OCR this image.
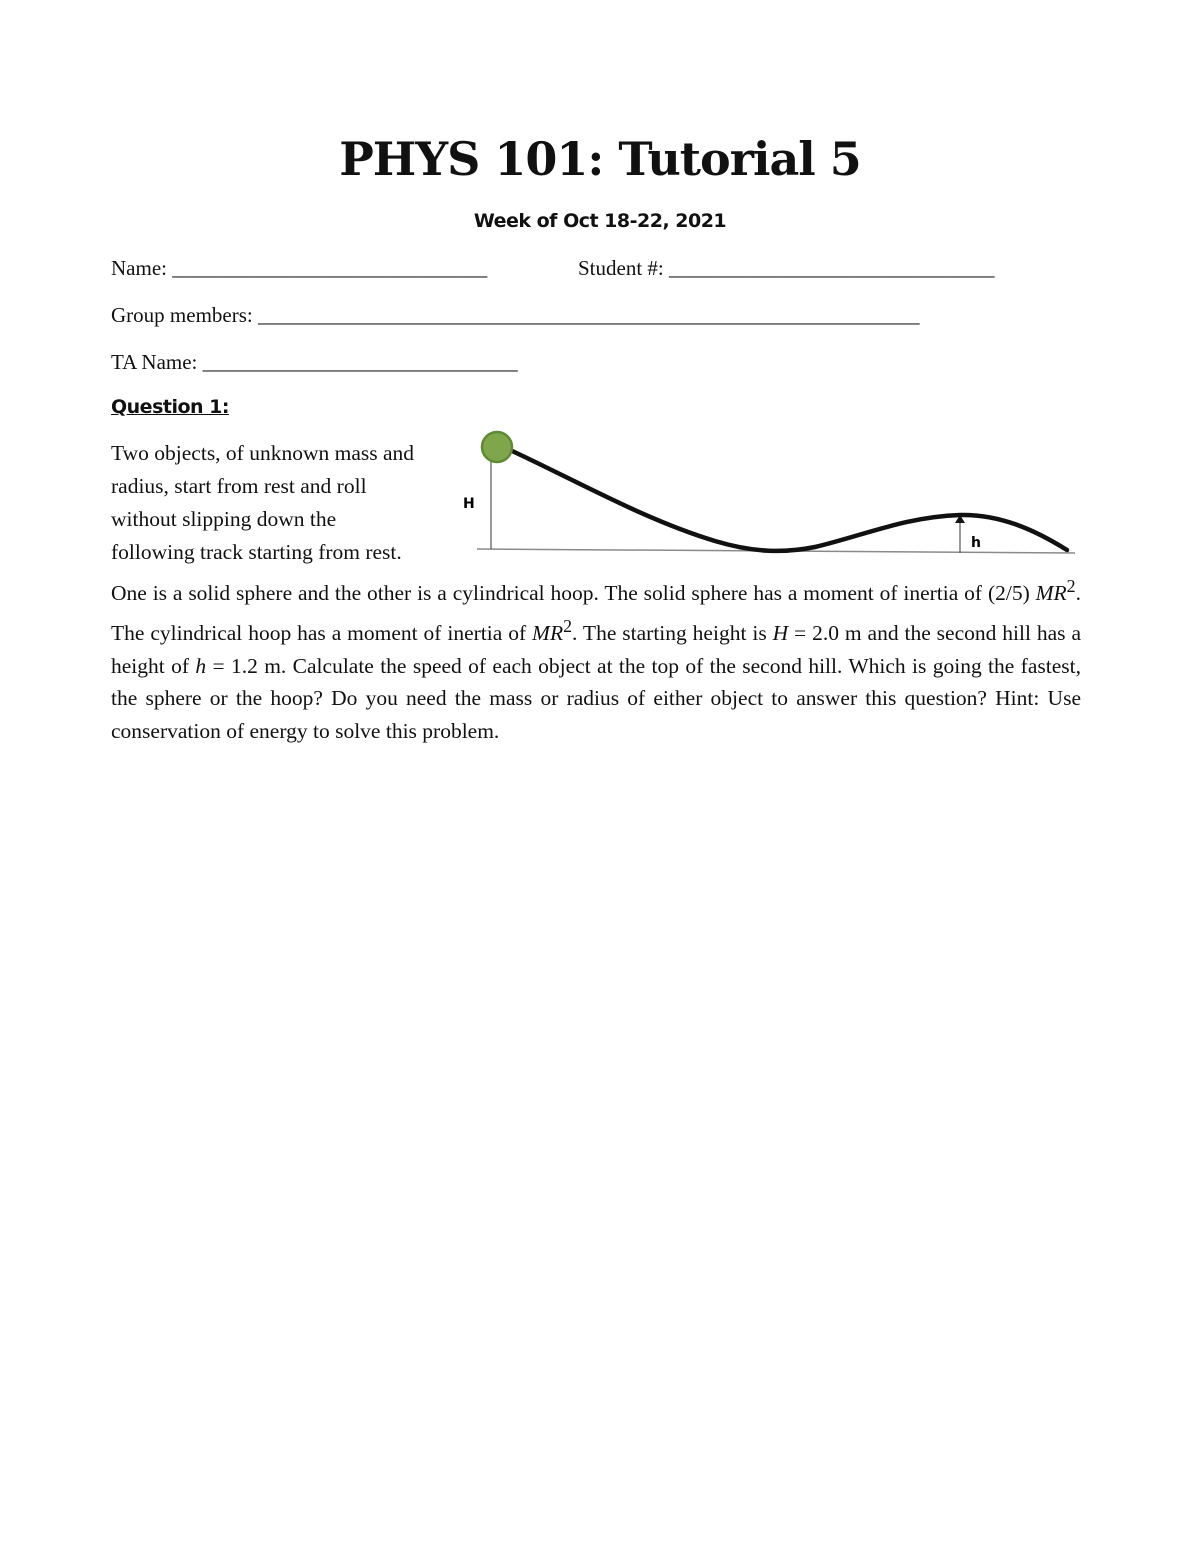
PHYS 101: Tutorial 5
Week of Oct 18-22, 2021
Name: ______________________________	Student #: _______________________________
Group members: _______________________________________________________________
TA Name: ______________________________
Question 1:
Two objects, of unknown mass and
radius, start from rest and roll
without slipping down the
following track starting from rest.
H
h
One is a solid sphere and the other is a cylindrical hoop. The solid sphere has a moment of inertia of (2/5) $MR^2$. The cylindrical hoop has a moment of inertia of $MR^2$. The starting height is H = 2.0 m and the second hill has a height of h = 1.2 m. Calculate the speed of each object at the top of the second hill. Which is going the fastest, the sphere or the hoop? Do you need the mass or radius of either object to answer this question? Hint: Use conservation of energy to solve this problem.
